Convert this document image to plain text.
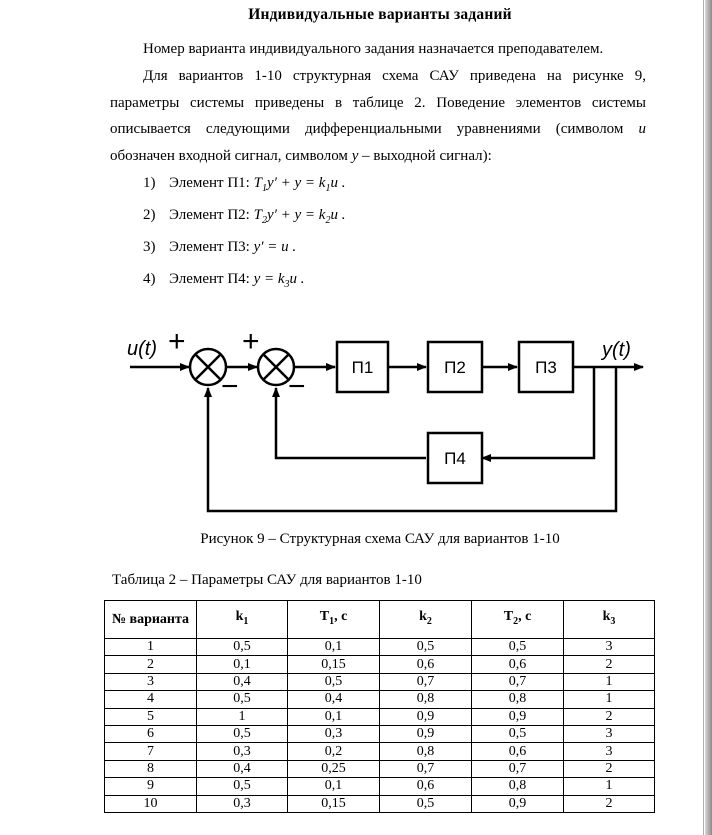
Индивидуальные варианты заданий
Номер варианта индивидуального задания назначается преподавателем.
Для вариантов 1-10 структурная схема САУ приведена на рисунке 9, параметры системы приведены в таблице 2. Поведение элементов системы описывается следующими дифференциальными уравнениями (символом u обозначен входной сигнал, символом y – выходной сигнал):
1) Элемент П1: $T_1y' + y = k_1u$ .
2) Элемент П2: $T_2y' + y = k_2u$ .
3) Элемент П3: y′ = u .
4) Элемент П4: $y = k_3u$ .
u(t)	y(t)
+ +
− −
П1	П2	П3
П4
Рисунок 9 – Структурная схема САУ для вариантов 1-10
Таблица 2 – Параметры САУ для вариантов 1-10
№ варианта	$k_1$	$T_1$, с	$k_2$	$T_2$, с	$k_3$
1	0,5	0,1	0,5	0,5	3
2	0,1	0,15	0,6	0,6	2
3	0,4	0,5	0,7	0,7	1
4	0,5	0,4	0,8	0,8	1
5	1	0,1	0,9	0,9	2
6	0,5	0,3	0,9	0,5	3
7	0,3	0,2	0,8	0,6	3
8	0,4	0,25	0,7	0,7	2
9	0,5	0,1	0,6	0,8	1
10	0,3	0,15	0,5	0,9	2
